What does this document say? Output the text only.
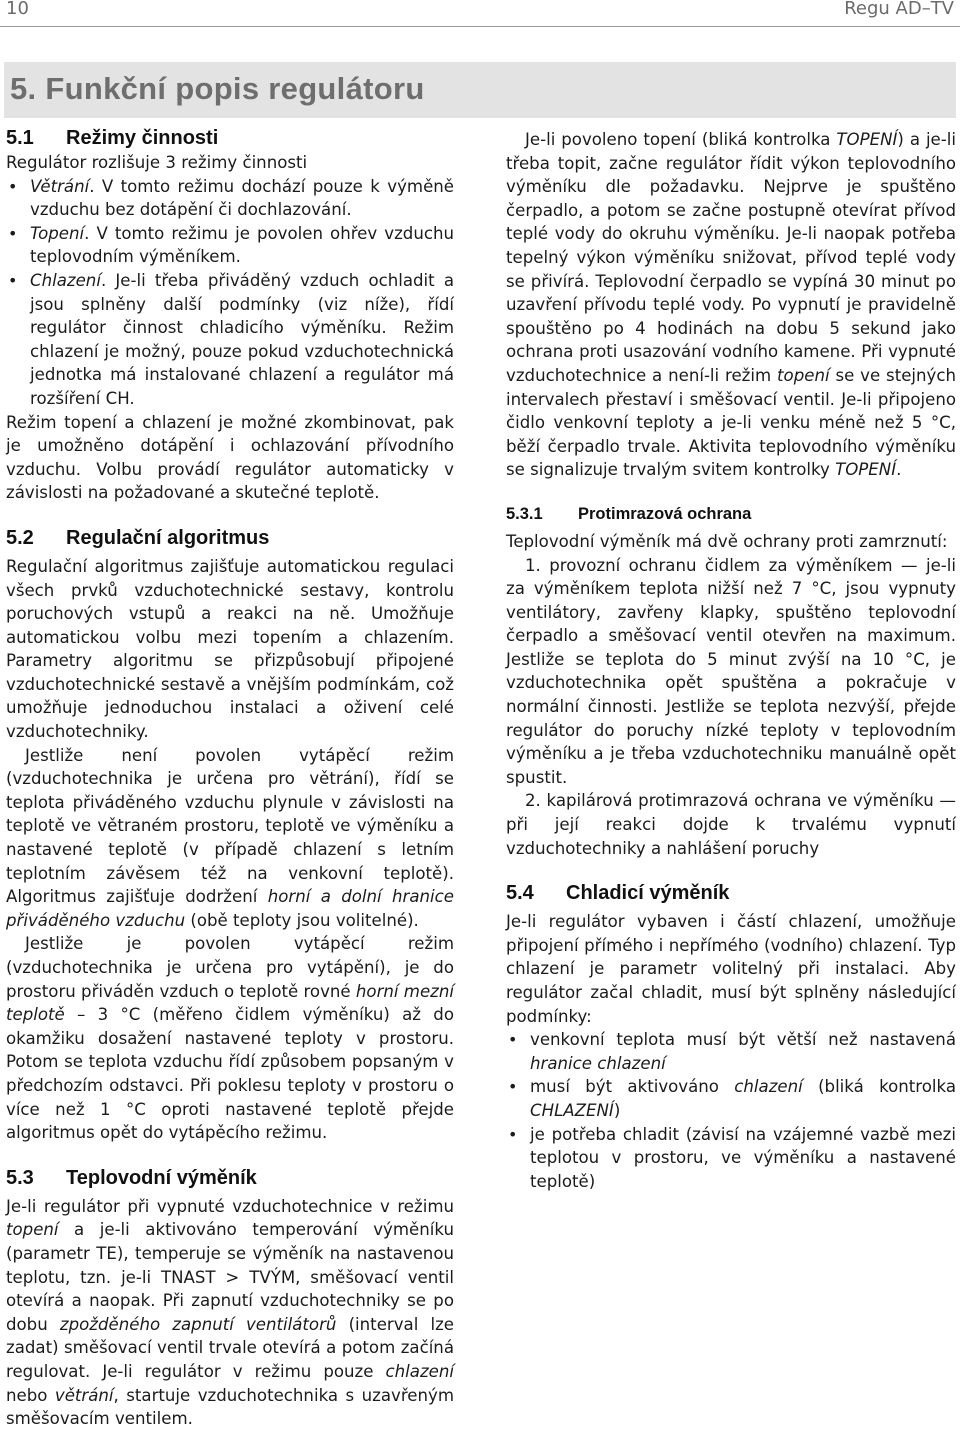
10	Regu AD–TV
5. Funkční popis regulátoru
5.1 Režimy činnosti

Regulátor rozlišuje 3 režimy činnosti

• Větrání. V tomto režimu dochází pouze k výměně vzduchu bez dotápění či dochlazování.
• Topení. V tomto režimu je povolen ohřev vzduchu teplovodním výměníkem.
• Chlazení. Je-li třeba přiváděný vzduch ochladit a jsou splněny další podmínky (viz níže), řídí regulátor činnost chladicího výměníku. Režim chlazení je možný, pouze pokud vzduchotechnická jednotka má instalované chlazení a regulátor má rozšíření CH.

Režim topení a chlazení je možné zkombinovat, pak je umožněno dotápění i ochlazování přívodního vzduchu. Volbu provádí regulátor automaticky v závislosti na požadované a skutečné teplotě.

5.2 Regulační algoritmus

Regulační algoritmus zajišťuje automatickou regulaci všech prvků vzduchotechnické sestavy, kontrolu poruchových vstupů a reakci na ně. Umožňuje automatickou volbu mezi topením a chlazením. Parametry algoritmu se přizpůsobují připojené vzduchotechnické sestavě a vnějším podmínkám, což umožňuje jednoduchou instalaci a oživení celé vzduchotechniky.

Jestliže není povolen vytápěcí režim (vzduchotechnika je určena pro větrání), řídí se teplota přiváděného vzduchu plynule v závislosti na teplotě ve větraném prostoru, teplotě ve výměníku a nastavené teplotě (v případě chlazení s letním teplotním závěsem též na venkovní teplotě). Algoritmus zajišťuje dodržení horní a dolní hranice přiváděného vzduchu (obě teploty jsou volitelné).

Jestliže je povolen vytápěcí režim (vzduchotechnika je určena pro vytápění), je do prostoru přiváděn vzduch o teplotě rovné horní mezní teplotě – 3 °C (měřeno čidlem výměníku) až do okamžiku dosažení nastavené teploty v prostoru. Potom se teplota vzduchu řídí způsobem popsaným v předchozím odstavci. Při poklesu teploty v prostoru o více než 1 °C oproti nastavené teplotě přejde algoritmus opět do vytápěcího režimu.

5.3 Teplovodní výměník

Je-li regulátor při vypnuté vzduchotechnice v režimu topení a je-li aktivováno temperování výměníku (parametr TE), temperuje se výměník na nastavenou teplotu, tzn. je-li TNAST > TVÝM, směšovací ventil otevírá a naopak. Při zapnutí vzduchotechniky se po dobu zpožděného zapnutí ventilátorů (interval lze zadat) směšovací ventil trvale otevírá a potom začíná regulovat. Je-li regulátor v režimu pouze chlazení nebo větrání, startuje vzduchotechnika s uzavřeným směšovacím ventilem.

Je-li povoleno topení (bliká kontrolka TOPENÍ) a je-li třeba topit, začne regulátor řídit výkon teplovodního výměníku dle požadavku. Nejprve je spuštěno čerpadlo, a potom se začne postupně otevírat přívod teplé vody do okruhu výměníku. Je-li naopak potřeba tepelný výkon výměníku snižovat, přívod teplé vody se přivírá. Teplovodní čerpadlo se vypíná 30 minut po uzavření přívodu teplé vody. Po vypnutí je pravidelně spouštěno po 4 hodinách na dobu 5 sekund jako ochrana proti usazování vodního kamene. Při vypnuté vzduchotechnice a není-li režim topení se ve stejných intervalech přestaví i směšovací ventil. Je-li připojeno čidlo venkovní teploty a je-li venku méně než 5 °C, běží čerpadlo trvale. Aktivita teplovodního výměníku se signalizuje trvalým svitem kontrolky TOPENÍ.

5.3.1 Protimrazová ochrana

Teplovodní výměník má dvě ochrany proti zamrznutí:

1. provozní ochranu čidlem za výměníkem — je-li za výměníkem teplota nižší než 7 °C, jsou vypnuty ventilátory, zavřeny klapky, spuštěno teplovodní čerpadlo a směšovací ventil otevřen na maximum. Jestliže se teplota do 5 minut zvýší na 10 °C, je vzduchotechnika opět spuštěna a pokračuje v normální činnosti. Jestliže se teplota nezvýší, přejde regulátor do poruchy nízké teploty v teplovodním výměníku a je třeba vzduchotechniku manuálně opět spustit.

2. kapilárová protimrazová ochrana ve výměníku — při její reakci dojde k trvalému vypnutí vzduchotechniky a nahlášení poruchy

5.4 Chladicí výměník

Je-li regulátor vybaven i částí chlazení, umožňuje připojení přímého i nepřímého (vodního) chlazení. Typ chlazení je parametr volitelný při instalaci. Aby regulátor začal chladit, musí být splněny následující podmínky:

• venkovní teplota musí být větší než nastavená hranice chlazení
• musí být aktivováno chlazení (bliká kontrolka CHLAZENÍ)
• je potřeba chladit (závisí na vzájemné vazbě mezi teplotou v prostoru, ve výměníku a nastavené teplotě)
